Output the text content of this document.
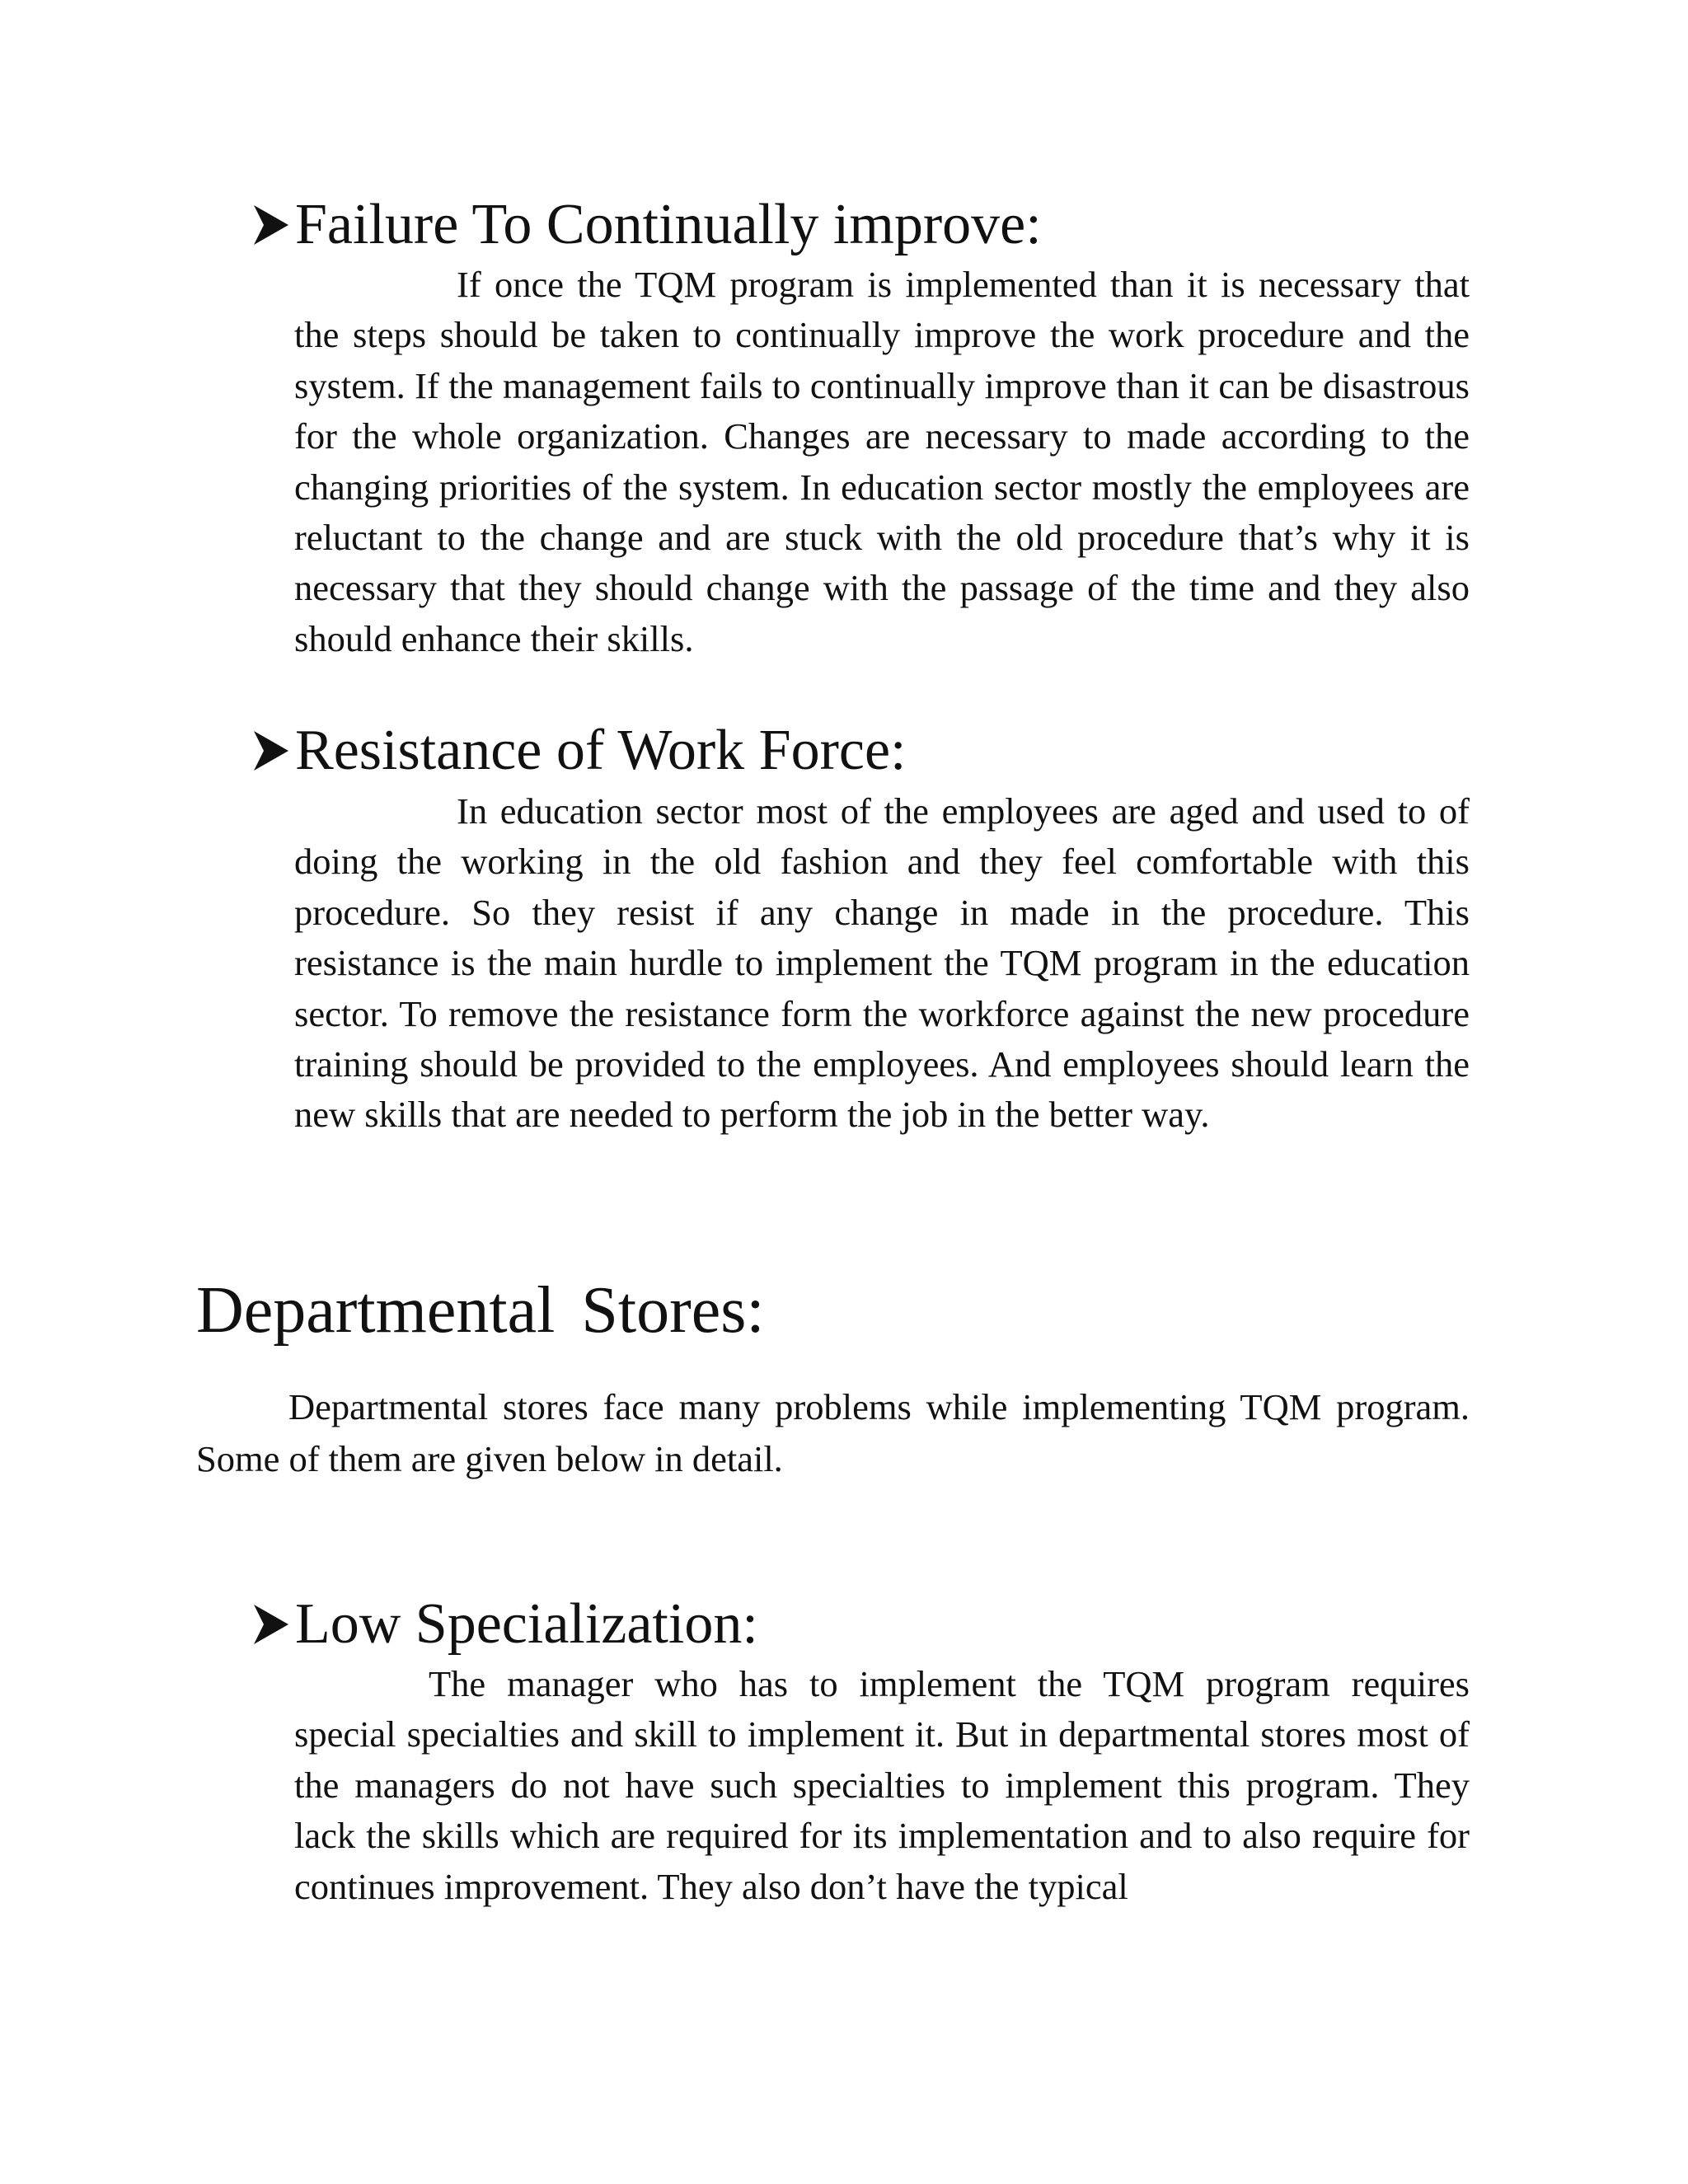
Failure To Continually improve:

If once the TQM program is implemented than it is necessary that the steps should be taken to continually improve the work procedure and the system. If the management fails to continually improve than it can be disastrous for the whole organization. Changes are necessary to made according to the changing priorities of the system. In education sector mostly the employees are reluctant to the change and are stuck with the old procedure that’s why it is necessary that they should change with the passage of the time and they also should enhance their skills.

Resistance of Work Force:

In education sector most of the employees are aged and used to of doing the working in the old fashion and they feel comfortable with this procedure. So they resist if any change in made in the procedure. This resistance is the main hurdle to implement the TQM program in the education sector. To remove the resistance form the workforce against the new procedure training should be provided to the employees. And employees should learn the new skills that are needed to perform the job in the better way.

Departmental Stores:

Departmental stores face many problems while implementing TQM program. Some of them are given below in detail.

Low Specialization:

The manager who has to implement the TQM program requires special specialties and skill to implement it. But in departmental stores most of the managers do not have such specialties to implement this program. They lack the skills which are required for its implementation and to also require for continues improvement. They also don’t have the typical
